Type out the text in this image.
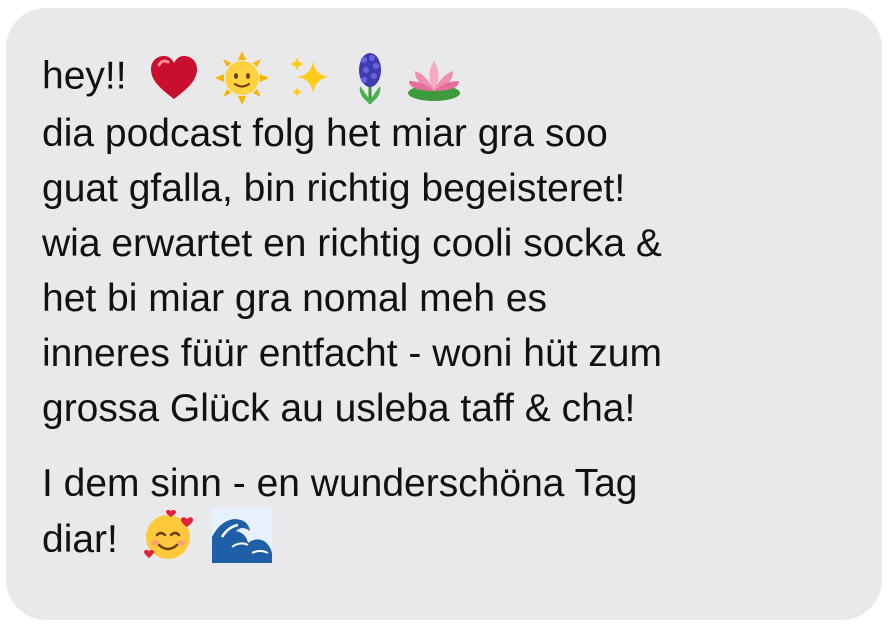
hey!!

dia podcast folg het miar gra soo
guat gfalla, bin richtig begeisteret!
wia erwartet en richtig cooli socka &
het bi miar gra nomal meh es
inneres füür entfacht - woni hüt zum
grossa Glück au usleba taff & cha!
I dem sinn - en wunderschöna Tag
diar!
